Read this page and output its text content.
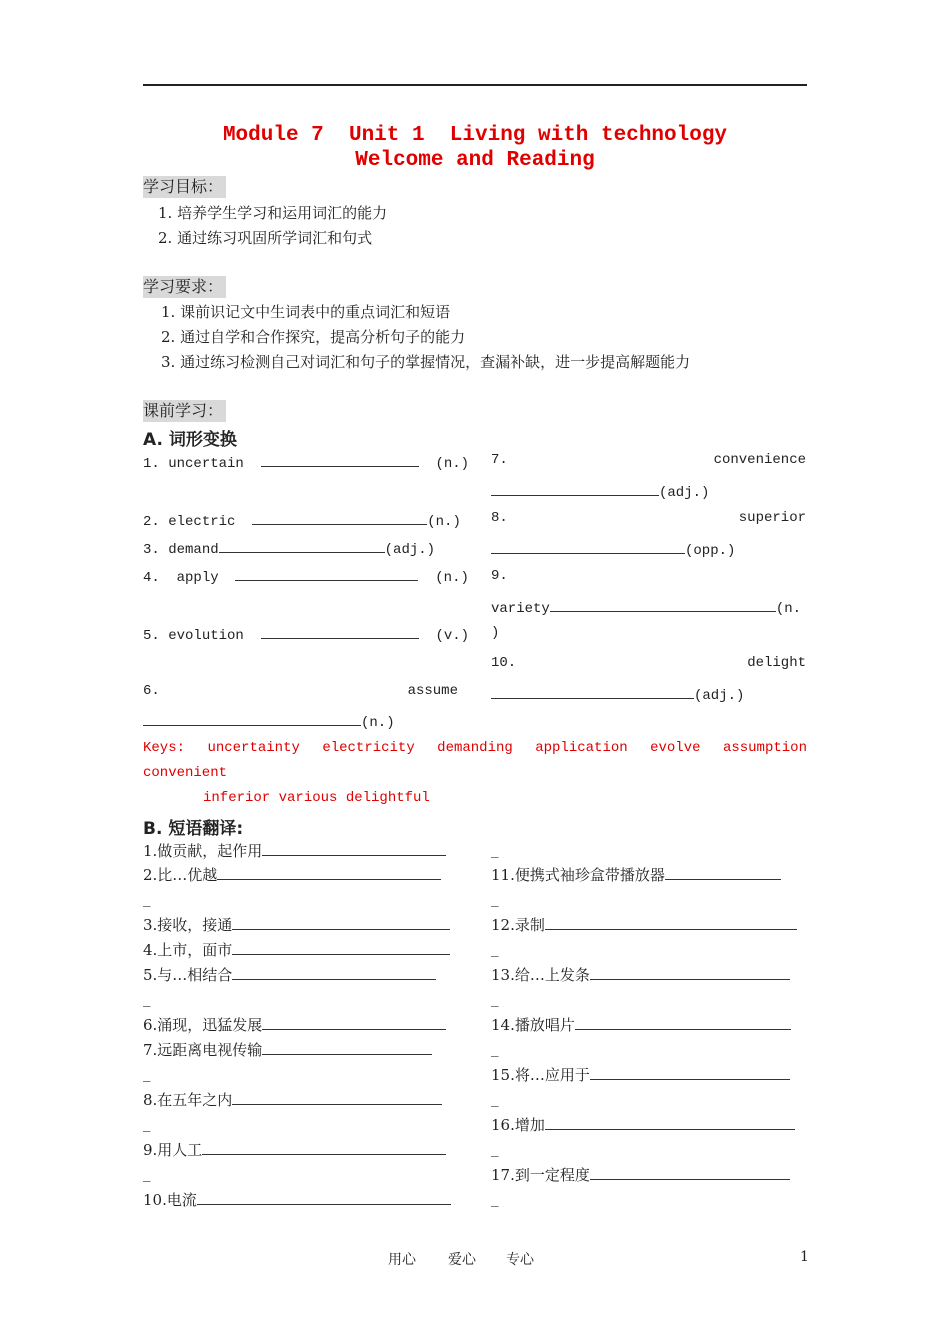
Module 7  Unit 1  Living with technology
Welcome and Reading
学习目标：
1. 培养学生学习和运用词汇的能力
2. 通过练习巩固所学词汇和句式
学习要求：
1. 课前识记文中生词表中的重点词汇和短语
2. 通过自学和合作探究，提高分析句子的能力
3. 通过练习检测自己对词汇和句子的掌握情况，查漏补缺，进一步提高解题能力
课前学习：
A. 词形变换
1. uncertain	(n.)
2. electric	(n.)
3. demand	(adj.)
4. apply	(n.)
5. evolution	(v.)
6.	assume
(n.)
7.	convenience
(adj.)
8.	superior
(opp.)
9.
variety	(n.
)
10.	delight
(adj.)
Keys: uncertainty electricity demanding application evolve assumption
convenient
inferior various delightful
B. 短语翻译:
1.做贡献，起作用
2.比…优越
_
3.接收，接通
4.上市，面市
5.与…相结合
_
6.涌现，迅猛发展
7.远距离电视传输
_
8.在五年之内
_
9.用人工
_
10.电流
_
11.便携式袖珍盒带播放器
_
12.录制
_
13.给…上发条
_
14.播放唱片
_
15.将…应用于
_
16.增加
_
17.到一定程度
_
用心 爱心 专心	1
